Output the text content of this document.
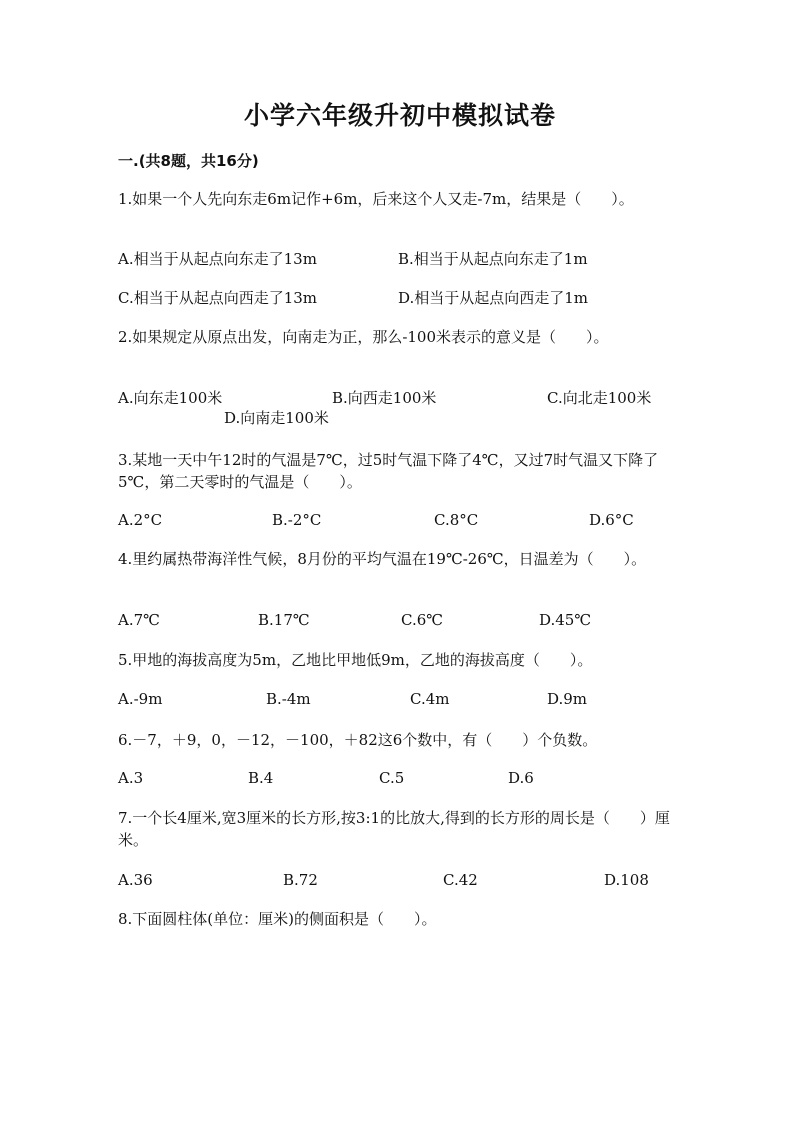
小学六年级升初中模拟试卷
一.(共8题，共16分)
1.如果一个人先向东走6m记作+6m，后来这个人又走-7m，结果是（　　）。
A.相当于从起点向东走了13m	B.相当于从起点向东走了1m
C.相当于从起点向西走了13m	D.相当于从起点向西走了1m
2.如果规定从原点出发，向南走为正，那么-100米表示的意义是（　　）。
A.向东走100米	B.向西走100米	C.向北走100米
D.向南走100米
3.某地一天中午12时的气温是7℃，过5时气温下降了4℃，又过7时气温又下降了5℃，第二天零时的气温是（　　）。
A.2°C	B.-2°C	C.8°C	D.6°C
4.里约属热带海洋性气候，8月份的平均气温在19℃-26℃，日温差为（　　）。
A.7℃	B.17℃	C.6℃	D.45℃
5.甲地的海拔高度为5m，乙地比甲地低9m，乙地的海拔高度（　　）。
A.-9m	B.-4m	C.4m	D.9m
6.－7，＋9，0，－12，－100，＋82这6个数中，有（　　）个负数。
A.3	B.4	C.5	D.6
7.一个长4厘米,宽3厘米的长方形,按3:1的比放大,得到的长方形的周长是（　　）厘米。
A.36	B.72	C.42	D.108
8.下面圆柱体(单位：厘米)的侧面积是（　　）。
